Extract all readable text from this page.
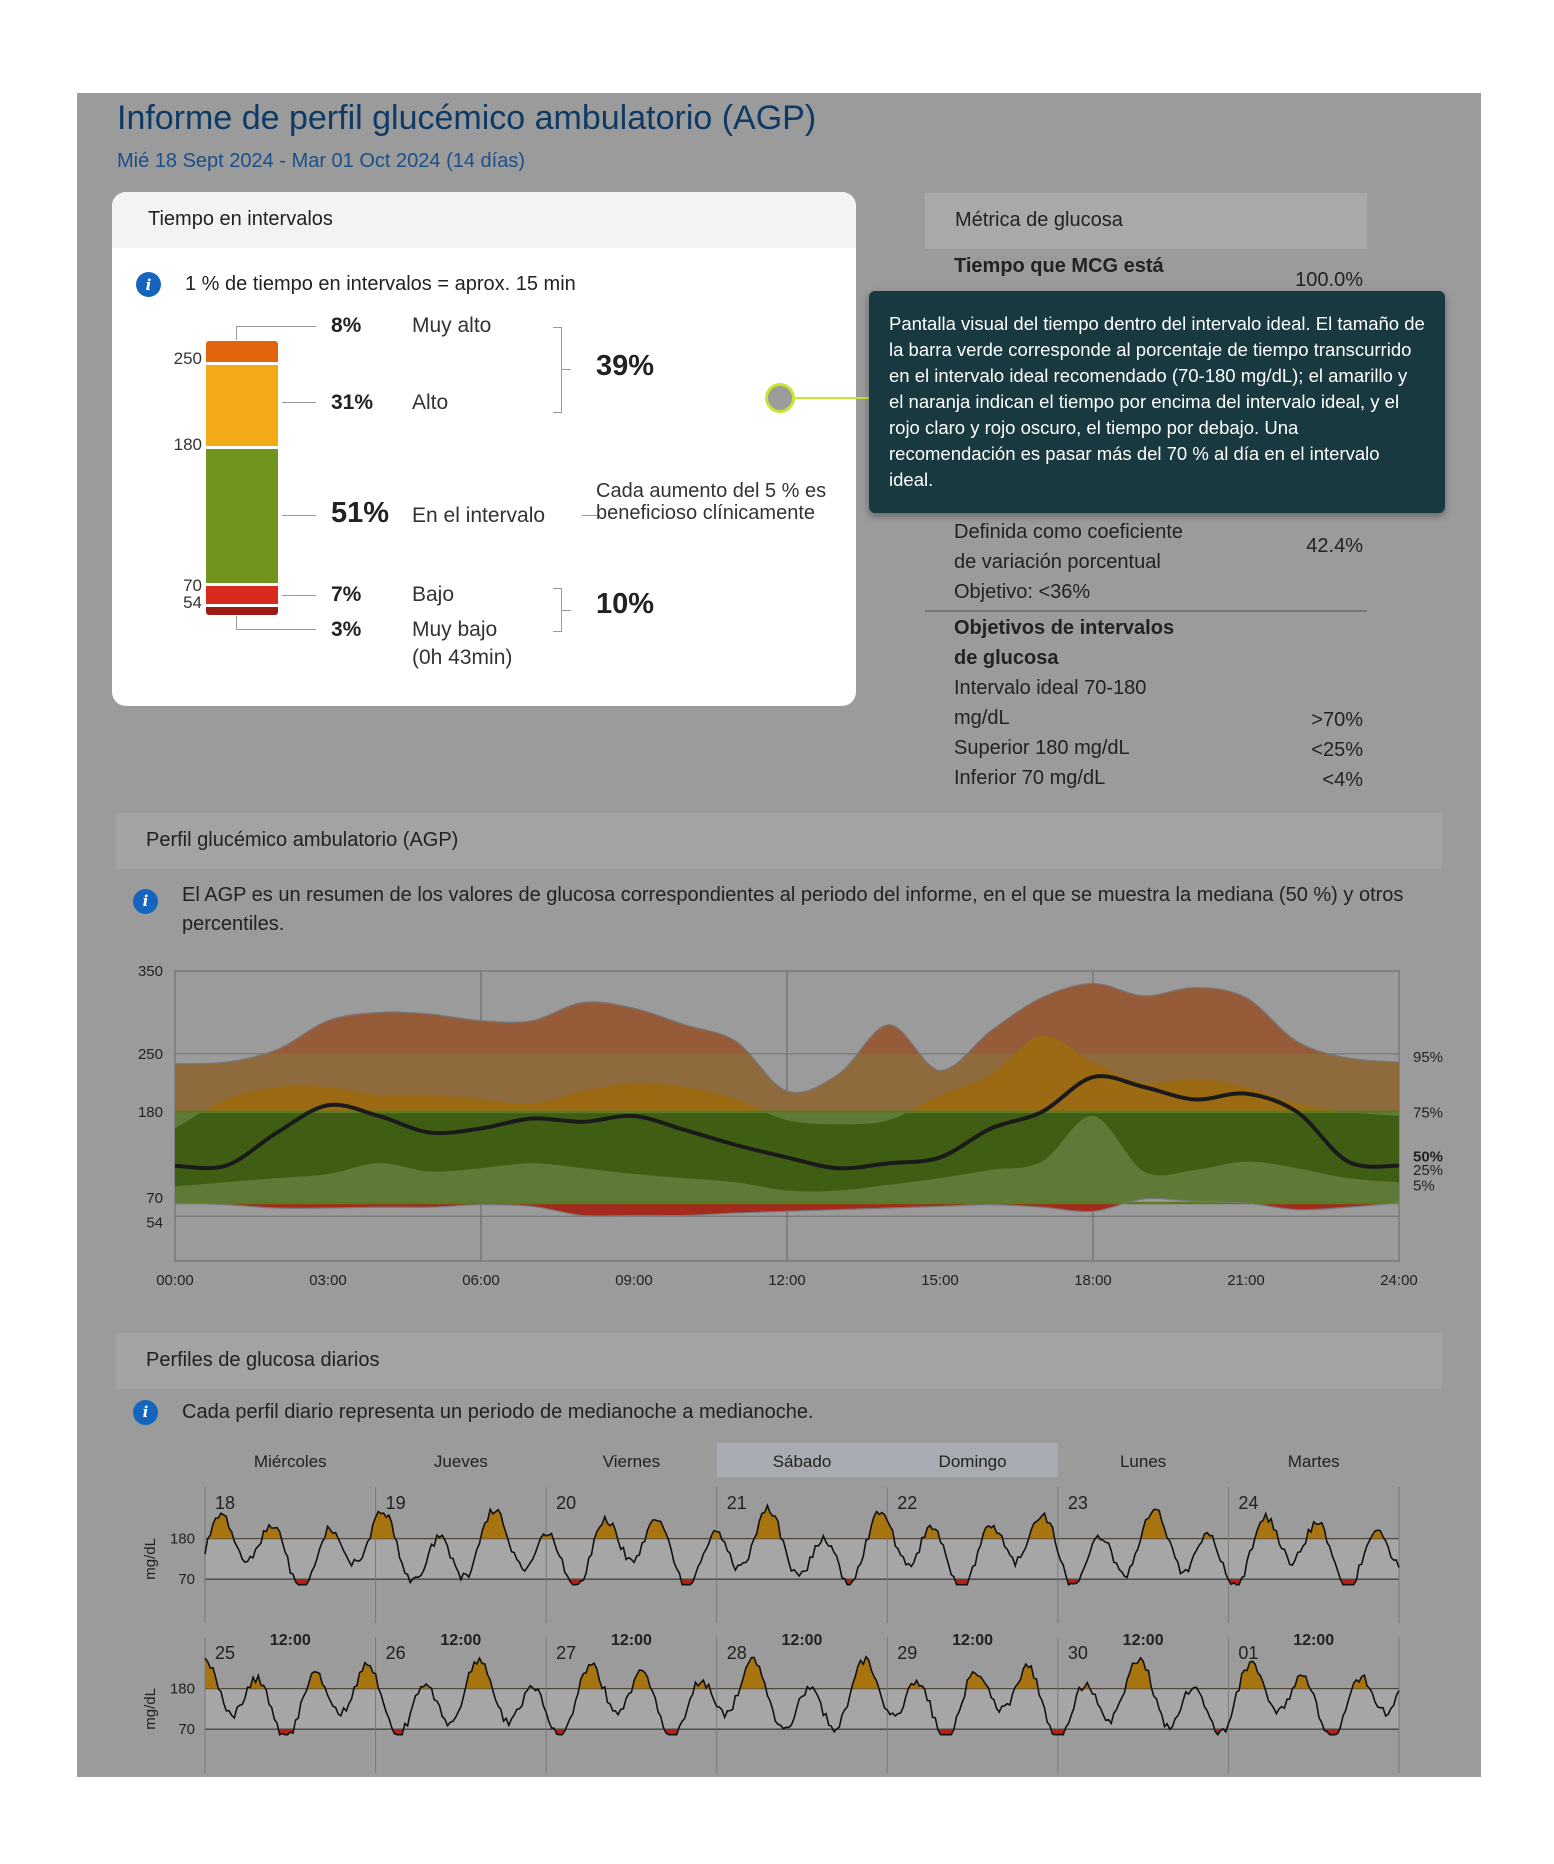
Informe de perfil glucémico ambulatorio (AGP)
Mié 18 Sept 2024 - Mar 01 Oct 2024 (14 días)
Tiempo en intervalos
i	1 % de tiempo en intervalos = aprox. 15 min
250
180
70
54
8% Muy alto
31% Alto
39%
51% En el intervalo
Cada aumento del 5 % es beneficioso clínicamente
7% Bajo
3% Muy bajo
(0h 43min)
10%
Métrica de glucosa
Tiempo que MCG está
100.0%
Definida como coeficiente
de variación porcentual
Objetivo: <36%
42.4%
Objetivos de intervalos
de glucosa
Intervalo ideal 70-180
mg/dL	>70%
Superior 180 mg/dL	<25%
Inferior 70 mg/dL	<4%
Pantalla visual del tiempo dentro del intervalo ideal. El tamaño de la barra verde corresponde al porcentaje de tiempo transcurrido en el intervalo ideal recomendado (70-180 mg/dL); el amarillo y el naranja indican el tiempo por encima del intervalo ideal, y el rojo claro y rojo oscuro, el tiempo por debajo. Una recomendación es pasar más del 70 % al día en el intervalo ideal.
Perfil glucémico ambulatorio (AGP)
i	El AGP es un resumen de los valores de glucosa correspondientes al periodo del informe, en el que se muestra la mediana (50 %) y otros percentiles.
350
250
180
70
54
00:00	03:00	06:00	09:00	12:00	15:00	18:00	21:00	24:00
95%
75%
50%
25%
5%
Perfiles de glucosa diarios
i	Cada perfil diario representa un periodo de medianoche a medianoche.
Miércoles	Jueves	Viernes	Sábado	Domingo	Lunes	Martes
180
70
mg/dL
18	19	20	21	22	23	24
12:00	12:00	12:00	12:00	12:00	12:00	12:00
180
70
mg/dL
25	26	27	28	29	30	01
